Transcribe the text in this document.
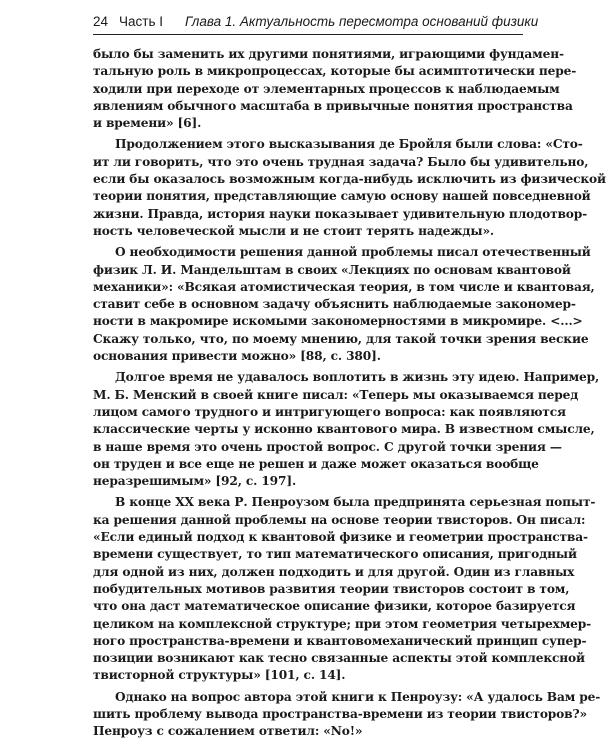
24 Часть I Глава 1. Актуальность пересмотра оснований физики
было бы заменить их другими понятиями, играющими фундамен-
тальную роль в микропроцессах, которые бы асимптотически пере-
ходили при переходе от элементарных процессов к наблюдаемым
явлениям обычного масштаба в привычные понятия пространства
и времени» [6].
Продолжением этого высказывания де Бройля были слова: «Сто-
ит ли говорить, что это очень трудная задача? Было бы удивительно,
если бы оказалось возможным когда-нибудь исключить из физической
теории понятия, представляющие самую основу нашей повседневной
жизни. Правда, история науки показывает удивительную плодотвор-
ность человеческой мысли и не стоит терять надежды».
О необходимости решения данной проблемы писал отечественный
физик Л. И. Мандельштам в своих «Лекциях по основам квантовой
механики»: «Всякая атомистическая теория, в том числе и квантовая,
ставит себе в основном задачу объяснить наблюдаемые закономер-
ности в макромире искомыми закономерностями в микромире. <...>
Скажу только, что, по моему мнению, для такой точки зрения веские
основания привести можно» [88, с. 380].
Долгое время не удавалось воплотить в жизнь эту идею. Например,
М. Б. Менский в своей книге писал: «Теперь мы оказываемся перед
лицом самого трудного и интригующего вопроса: как появляются
классические черты у исконно квантового мира. В известном смысле,
в наше время это очень простой вопрос. С другой точки зрения —
он труден и все еще не решен и даже может оказаться вообще
неразрешимым» [92, с. 197].
В конце XX века Р. Пенроузом была предпринята серьезная попыт-
ка решения данной проблемы на основе теории твисторов. Он писал:
«Если единый подход к квантовой физике и геометрии пространства-
времени существует, то тип математического описания, пригодный
для одной из них, должен подходить и для другой. Один из главных
побудительных мотивов развития теории твисторов состоит в том,
что она даст математическое описание физики, которое базируется
целиком на комплексной структуре; при этом геометрия четырехмер-
ного пространства-времени и квантовомеханический принцип супер-
позиции возникают как тесно связанные аспекты этой комплексной
твисторной структуры» [101, с. 14].
Однако на вопрос автора этой книги к Пенроузу: «А удалось Вам ре-
шить проблему вывода пространства-времени из теории твисторов?»
Пенроуз с сожалением ответил: «No!»
